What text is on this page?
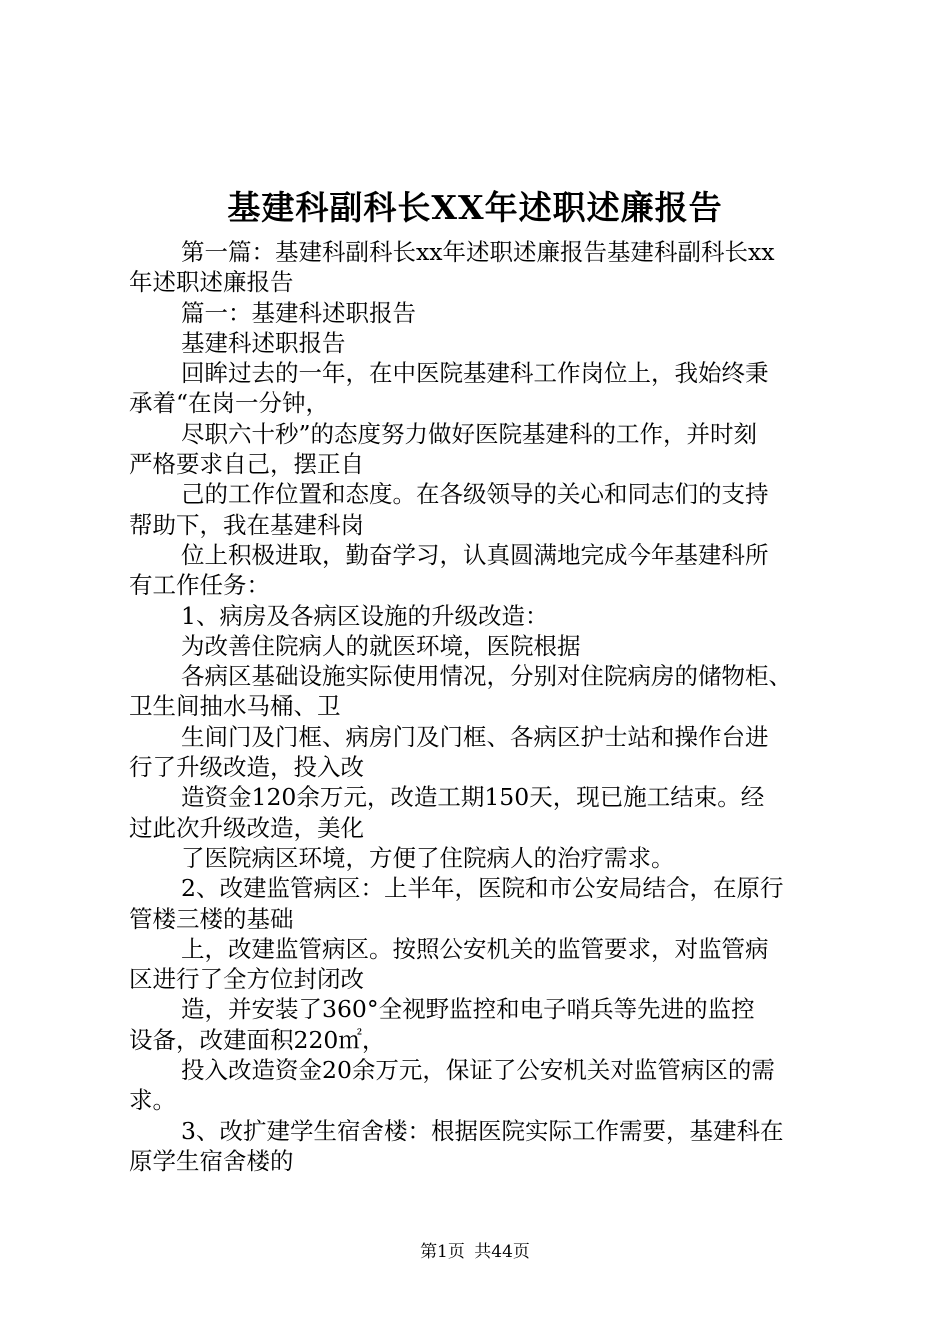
基建科副科长XX年述职述廉报告

第一篇：基建科副科长xx年述职述廉报告基建科副科长xx
年述职述廉报告

篇一：基建科述职报告

基建科述职报告

回眸过去的一年，在中医院基建科工作岗位上，我始终秉
承着“在岗一分钟，

尽职六十秒”的态度努力做好医院基建科的工作，并时刻
严格要求自己，摆正自

己的工作位置和态度。在各级领导的关心和同志们的支持
帮助下，我在基建科岗

位上积极进取，勤奋学习，认真圆满地完成今年基建科所
有工作任务：

1、病房及各病区设施的升级改造：

为改善住院病人的就医环境，医院根据

各病区基础设施实际使用情况，分别对住院病房的储物柜、
卫生间抽水马桶、卫

生间门及门框、病房门及门框、各病区护士站和操作台进
行了升级改造，投入改

造资金120余万元，改造工期150天，现已施工结束。经
过此次升级改造，美化

了医院病区环境，方便了住院病人的治疗需求。

2、改建监管病区：上半年，医院和市公安局结合，在原行
管楼三楼的基础

上，改建监管病区。按照公安机关的监管要求，对监管病
区进行了全方位封闭改

造，并安装了360°全视野监控和电子哨兵等先进的监控
设备，改建面积220㎡，

投入改造资金20余万元，保证了公安机关对监管病区的需
求。

3、改扩建学生宿舍楼：根据医院实际工作需要，基建科在
原学生宿舍楼的

第1页 共44页
